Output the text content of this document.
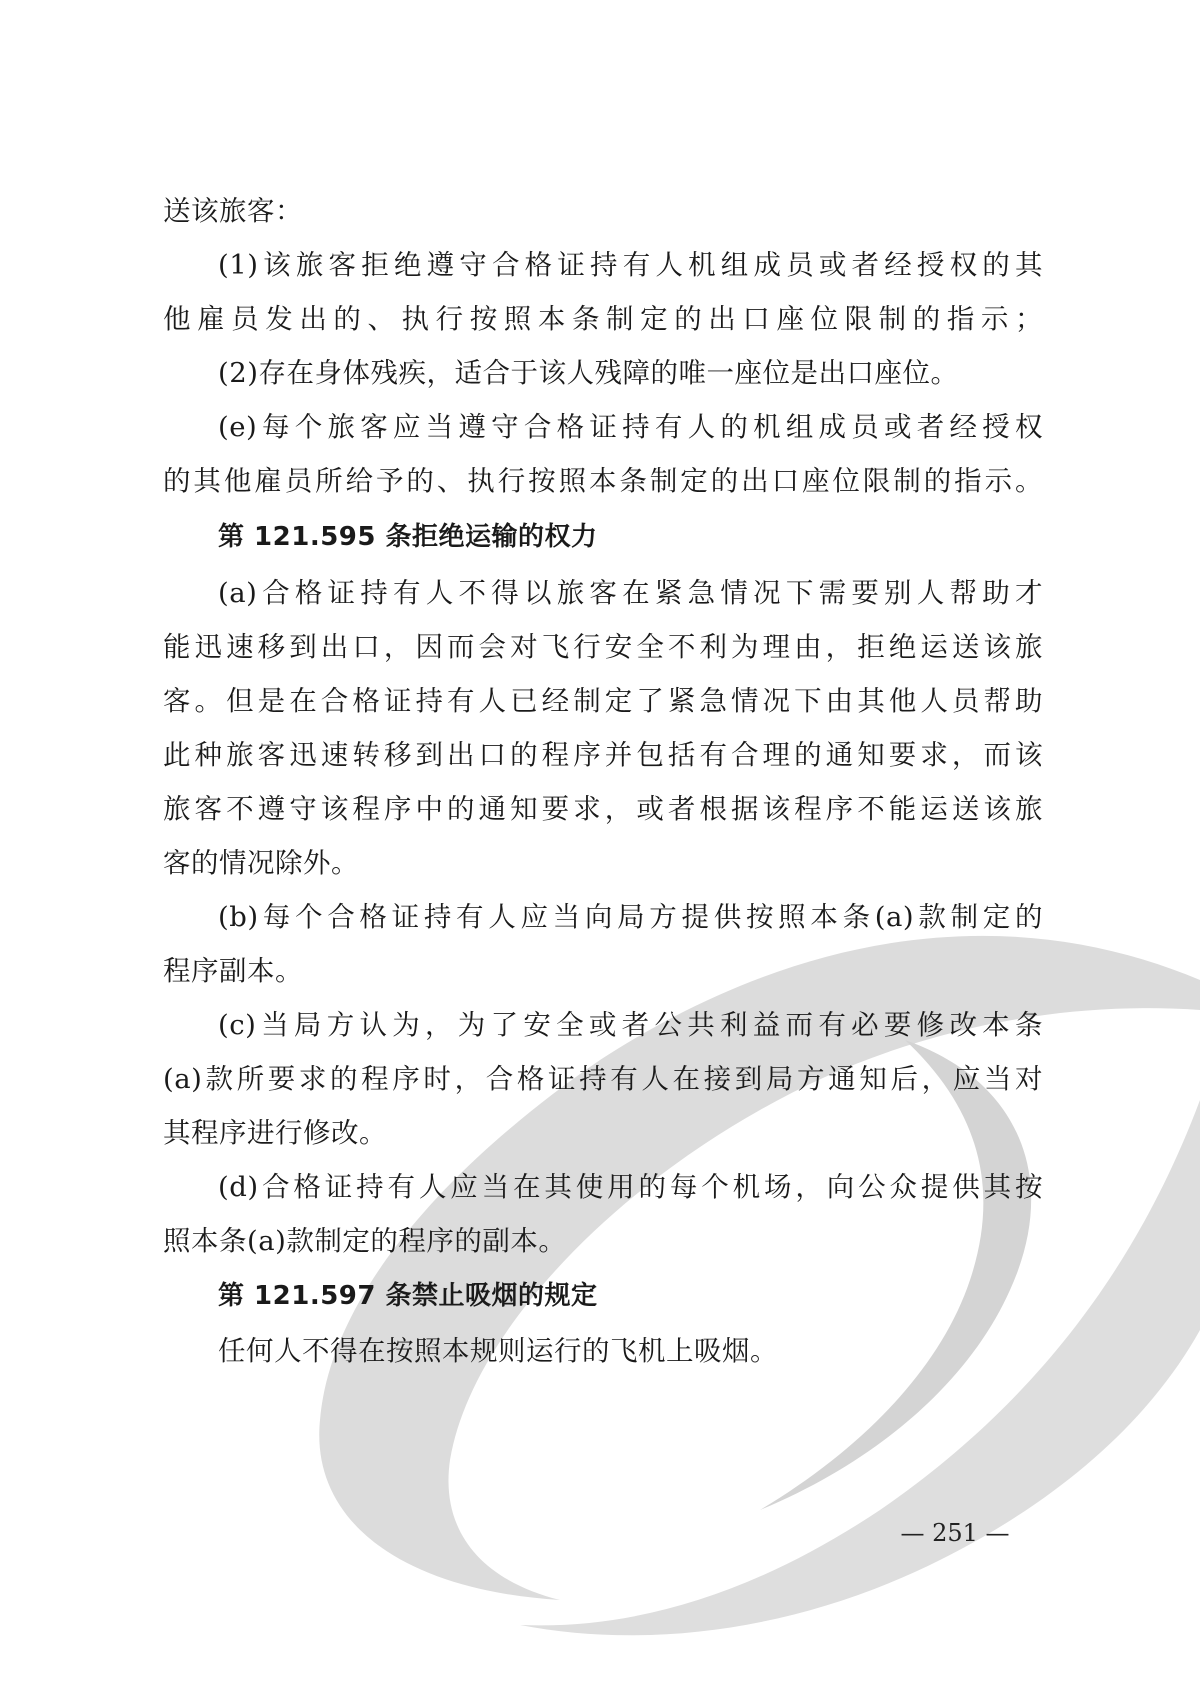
送该旅客：
(1)该旅客拒绝遵守合格证持有人机组成员或者经授权的其
他雇员发出的、执行按照本条制定的出口座位限制的指示；
(2)存在身体残疾，适合于该人残障的唯一座位是出口座位。
(e)每个旅客应当遵守合格证持有人的机组成员或者经授权
的其他雇员所给予的、执行按照本条制定的出口座位限制的指示。
第 121.595 条拒绝运输的权力
(a)合格证持有人不得以旅客在紧急情况下需要别人帮助才
能迅速移到出口，因而会对飞行安全不利为理由，拒绝运送该旅
客。但是在合格证持有人已经制定了紧急情况下由其他人员帮助
此种旅客迅速转移到出口的程序并包括有合理的通知要求，而该
旅客不遵守该程序中的通知要求，或者根据该程序不能运送该旅
客的情况除外。
(b)每个合格证持有人应当向局方提供按照本条(a)款制定的
程序副本。
(c)当局方认为，为了安全或者公共利益而有必要修改本条
(a)款所要求的程序时，合格证持有人在接到局方通知后，应当对
其程序进行修改。
(d)合格证持有人应当在其使用的每个机场，向公众提供其按
照本条(a)款制定的程序的副本。
第 121.597 条禁止吸烟的规定
任何人不得在按照本规则运行的飞机上吸烟。
— 251 —
